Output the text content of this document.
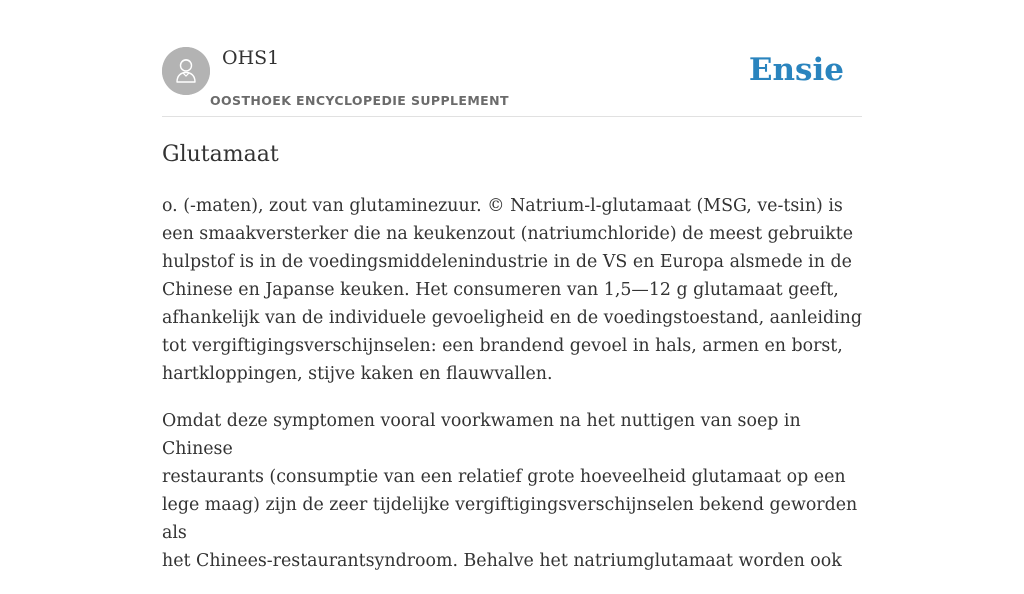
OHS1
OOSTHOEK ENCYCLOPEDIE SUPPLEMENT
Ensie
Glutamaat

o. (-maten), zout van glutaminezuur. © Natrium-l-glutamaat (MSG, ve-tsin) is
een smaakversterker die na keukenzout (natriumchloride) de meest gebruikte
hulpstof is in de voedingsmiddelenindustrie in de VS en Europa alsmede in de
Chinese en Japanse keuken. Het consumeren van 1,5—12 g glutamaat geeft,
afhankelijk van de individuele gevoeligheid en de voedingstoestand, aanleiding
tot vergiftigingsverschijnselen: een brandend gevoel in hals, armen en borst,
hartkloppingen, stijve kaken en flauwvallen.

Omdat deze symptomen vooral voorkwamen na het nuttigen van soep in Chinese
restaurants (consumptie van een relatief grote hoeveelheid glutamaat op een
lege maag) zijn de zeer tijdelijke vergiftigingsverschijnselen bekend geworden als
het Chinees-restaurantsyndroom. Behalve het natriumglutamaat worden ook
